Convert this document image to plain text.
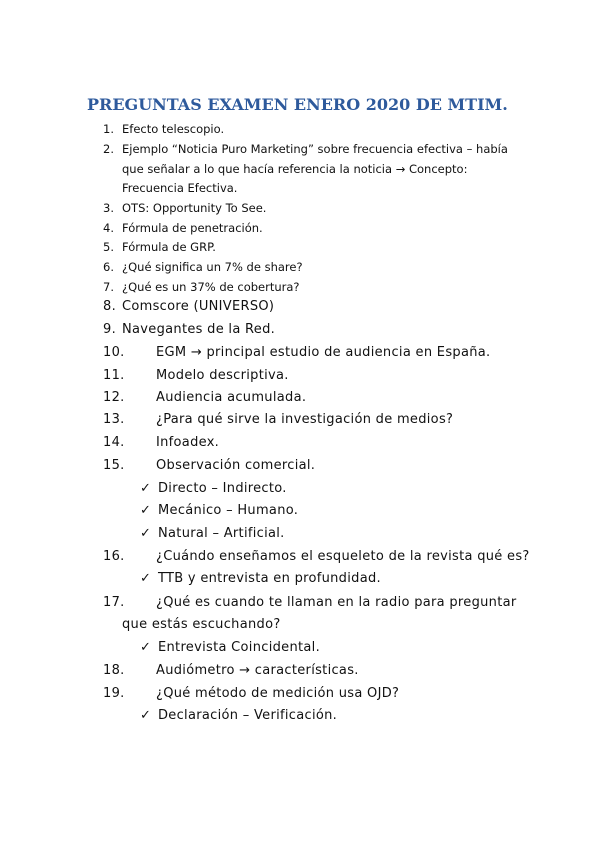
PREGUNTAS EXAMEN ENERO 2020 DE MTIM.
1. Efecto telescopio.
2. Ejemplo “Noticia Puro Marketing” sobre frecuencia efectiva – había
que señalar a lo que hacía referencia la noticia → Concepto:
Frecuencia Efectiva.
3. OTS: Opportunity To See.
4. Fórmula de penetración.
5. Fórmula de GRP.
6. ¿Qué significa un 7% de share?
7. ¿Qué es un 37% de cobertura?
8. Comscore (UNIVERSO)
9. Navegantes de la Red.
10. EGM → principal estudio de audiencia en España.
11. Modelo descriptiva.
12. Audiencia acumulada.
13. ¿Para qué sirve la investigación de medios?
14. Infoadex.
15. Observación comercial.
✓ Directo – Indirecto.
✓ Mecánico – Humano.
✓ Natural – Artificial.
16. ¿Cuándo enseñamos el esqueleto de la revista qué es?
✓ TTB y entrevista en profundidad.
17. ¿Qué es cuando te llaman en la radio para preguntar
que estás escuchando?
✓ Entrevista Coincidental.
18. Audiómetro → características.
19. ¿Qué método de medición usa OJD?
✓ Declaración – Verificación.
